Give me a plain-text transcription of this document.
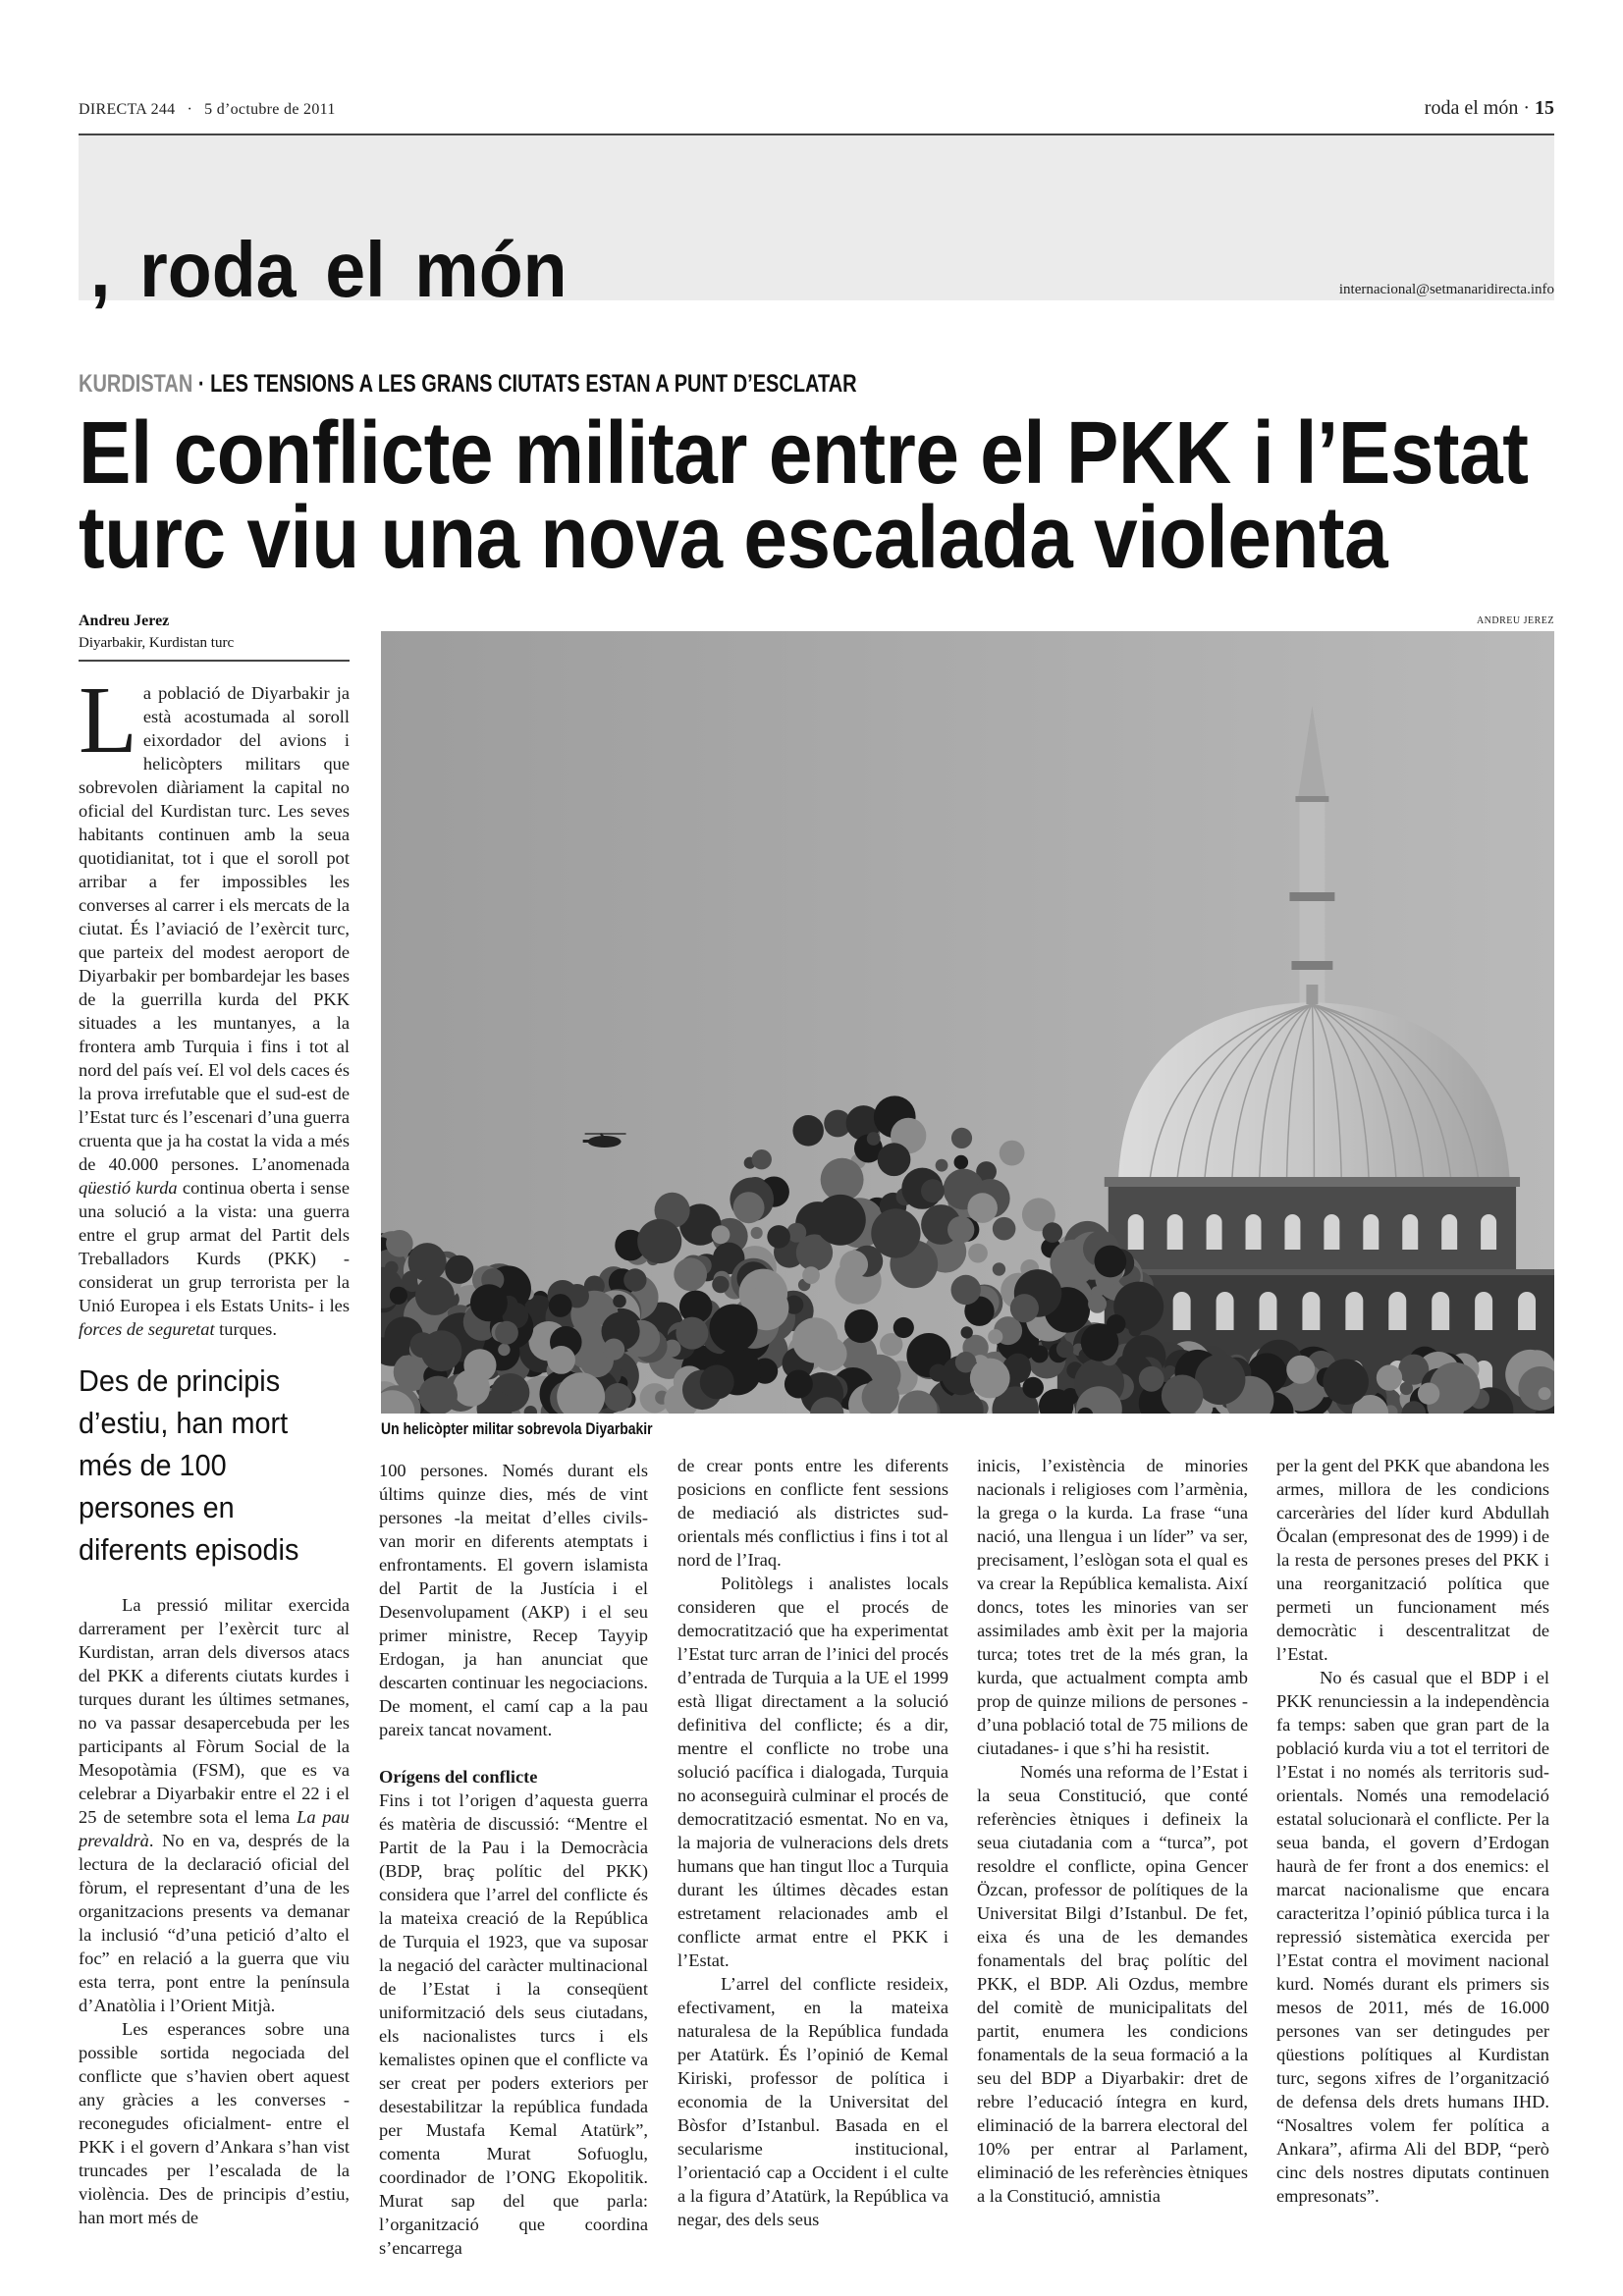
DIRECTA 244 · 5 d’octubre de 2011	roda el món · 15
, roda el món	internacional@setmanaridirecta.info
KURDISTAN · LES TENSIONS A LES GRANS CIUTATS ESTAN A PUNT D’ESCLATAR
El conflicte militar entre el PKK i l’Estat
turc viu una nova escalada violenta
Andreu Jerez
Diyarbakir, Kurdistan turc
ANDREU JEREZ
Un helicòpter militar sobrevola Diyarbakir

La població de Diyarbakir ja està acostumada al soroll eixordador del avions i helicòpters militars que sobrevolen diàriament la capital no oficial del Kurdistan turc. Les seves habitants continuen amb la seua quotidianitat, tot i que el soroll pot arribar a fer impossibles les converses al carrer i els mercats de la ciutat. És l’aviació de l’exèrcit turc, que parteix del modest aeroport de Diyarbakir per bombardejar les bases de la guerrilla kurda del PKK situades a les muntanyes, a la frontera amb Turquia i fins i tot al nord del país veí. El vol dels caces és la prova irrefutable que el sud-est de l’Estat turc és l’escenari d’una guerra cruenta que ja ha costat la vida a més de 40.000 persones. L’anomenada qüestió kurda continua oberta i sense una solució a la vista: una guerra entre el grup armat del Partit dels Treballadors Kurds (PKK) -considerat un grup terrorista per la Unió Europea i els Estats Units- i les forces de seguretat turques.

Des de principis
d’estiu, han mort
més de 100
persones en
diferents episodis

La pressió militar exercida darrerament per l’exèrcit turc al Kurdistan, arran dels diversos atacs del PKK a diferents ciutats kurdes i turques durant les últimes setmanes, no va passar desapercebuda per les participants al Fòrum Social de la Mesopotàmia (FSM), que es va celebrar a Diyarbakir entre el 22 i el 25 de setembre sota el lema La pau prevaldrà. No en va, després de la lectura de la declaració oficial del fòrum, el representant d’una de les organitzacions presents va demanar la inclusió “d’una petició d’alto el foc” en relació a la guerra que viu esta terra, pont entre la península d’Anatòlia i l’Orient Mitjà.

Les esperances sobre una possible sortida negociada del conflicte que s’havien obert aquest any gràcies a les converses -reconegudes oficialment- entre el PKK i el govern d’Ankara s’han vist truncades per l’escalada de la violència. Des de principis d’estiu, han mort més de

100 persones. Només durant els últims quinze dies, més de vint persones -la meitat d’elles civils- van morir en diferents atemptats i enfrontaments. El govern islamista del Partit de la Justícia i el Desenvolupament (AKP) i el seu primer ministre, Recep Tayyip Erdogan, ja han anunciat que descarten continuar les negociacions. De moment, el camí cap a la pau pareix tancat novament.

Orígens del conflicte

Fins i tot l’origen d’aquesta guerra és matèria de discussió: “Mentre el Partit de la Pau i la Democràcia (BDP, braç polític del PKK) considera que l’arrel del conflicte és la mateixa creació de la República de Turquia el 1923, que va suposar la negació del caràcter multinacional de l’Estat i la conseqüent uniformització dels seus ciutadans, els nacionalistes turcs i els kemalistes opinen que el conflicte va ser creat per poders exteriors per desestabilitzar la república fundada per Mustafa Kemal Atatürk”, comenta Murat Sofuoglu, coordinador de l’ONG Ekopolitik. Murat sap del que parla: l’organització que coordina s’encarrega

de crear ponts entre les diferents posicions en conflicte fent sessions de mediació als districtes sud-orientals més conflictius i fins i tot al nord de l’Iraq.

Politòlegs i analistes locals consideren que el procés de democratització que ha experimentat l’Estat turc arran de l’inici del procés d’entrada de Turquia a la UE el 1999 està lligat directament a la solució definitiva del conflicte; és a dir, mentre el conflicte no trobe una solució pacífica i dialogada, Turquia no aconseguirà culminar el procés de democratització esmentat. No en va, la majoria de vulneracions dels drets humans que han tingut lloc a Turquia durant les últimes dècades estan estretament relacionades amb el conflicte armat entre el PKK i l’Estat.

L’arrel del conflicte resideix, efectivament, en la mateixa naturalesa de la República fundada per Atatürk. És l’opinió de Kemal Kiriski, professor de política i economia de la Universitat del Bòsfor d’Istanbul. Basada en el secularisme institucional, l’orientació cap a Occident i el culte a la figura d’Atatürk, la República va negar, des dels seus

inicis, l’existència de minories nacionals i religioses com l’armènia, la grega o la kurda. La frase “una nació, una llengua i un líder” va ser, precisament, l’eslògan sota el qual es va crear la República kemalista. Així doncs, totes les minories van ser assimilades amb èxit per la majoria turca; totes tret de la més gran, la kurda, que actualment compta amb prop de quinze milions de persones -d’una població total de 75 milions de ciutadanes- i que s’hi ha resistit.

Només una reforma de l’Estat i la seua Constitució, que conté referències ètniques i defineix la seua ciutadania com a “turca”, pot resoldre el conflicte, opina Gencer Özcan, professor de polítiques de la Universitat Bilgi d’Istanbul. De fet, eixa és una de les demandes fonamentals del braç polític del PKK, el BDP. Ali Ozdus, membre del comitè de municipalitats del partit, enumera les condicions fonamentals de la seua formació a la seu del BDP a Diyarbakir: dret de rebre l’educació íntegra en kurd, eliminació de la barrera electoral del 10% per entrar al Parlament, eliminació de les referències ètniques a la Constitució, amnistia

per la gent del PKK que abandona les armes, millora de les condicions carceràries del líder kurd Abdullah Öcalan (empresonat des de 1999) i de la resta de persones preses del PKK i una reorganització política que permeti un funcionament més democràtic i descentralitzat de l’Estat.

No és casual que el BDP i el PKK renunciessin a la independència fa temps: saben que gran part de la població kurda viu a tot el territori de l’Estat i no només als territoris sud-orientals. Només una remodelació estatal solucionarà el conflicte. Per la seua banda, el govern d’Erdogan haurà de fer front a dos enemics: el marcat nacionalisme que encara caracteritza l’opinió pública turca i la repressió sistemàtica exercida per l’Estat contra el moviment nacional kurd. Només durant els primers sis mesos de 2011, més de 16.000 persones van ser detingudes per qüestions polítiques al Kurdistan turc, segons xifres de l’organització de defensa dels drets humans IHD. “Nosaltres volem fer política a Ankara”, afirma Ali del BDP, “però cinc dels nostres diputats continuen empresonats”.
